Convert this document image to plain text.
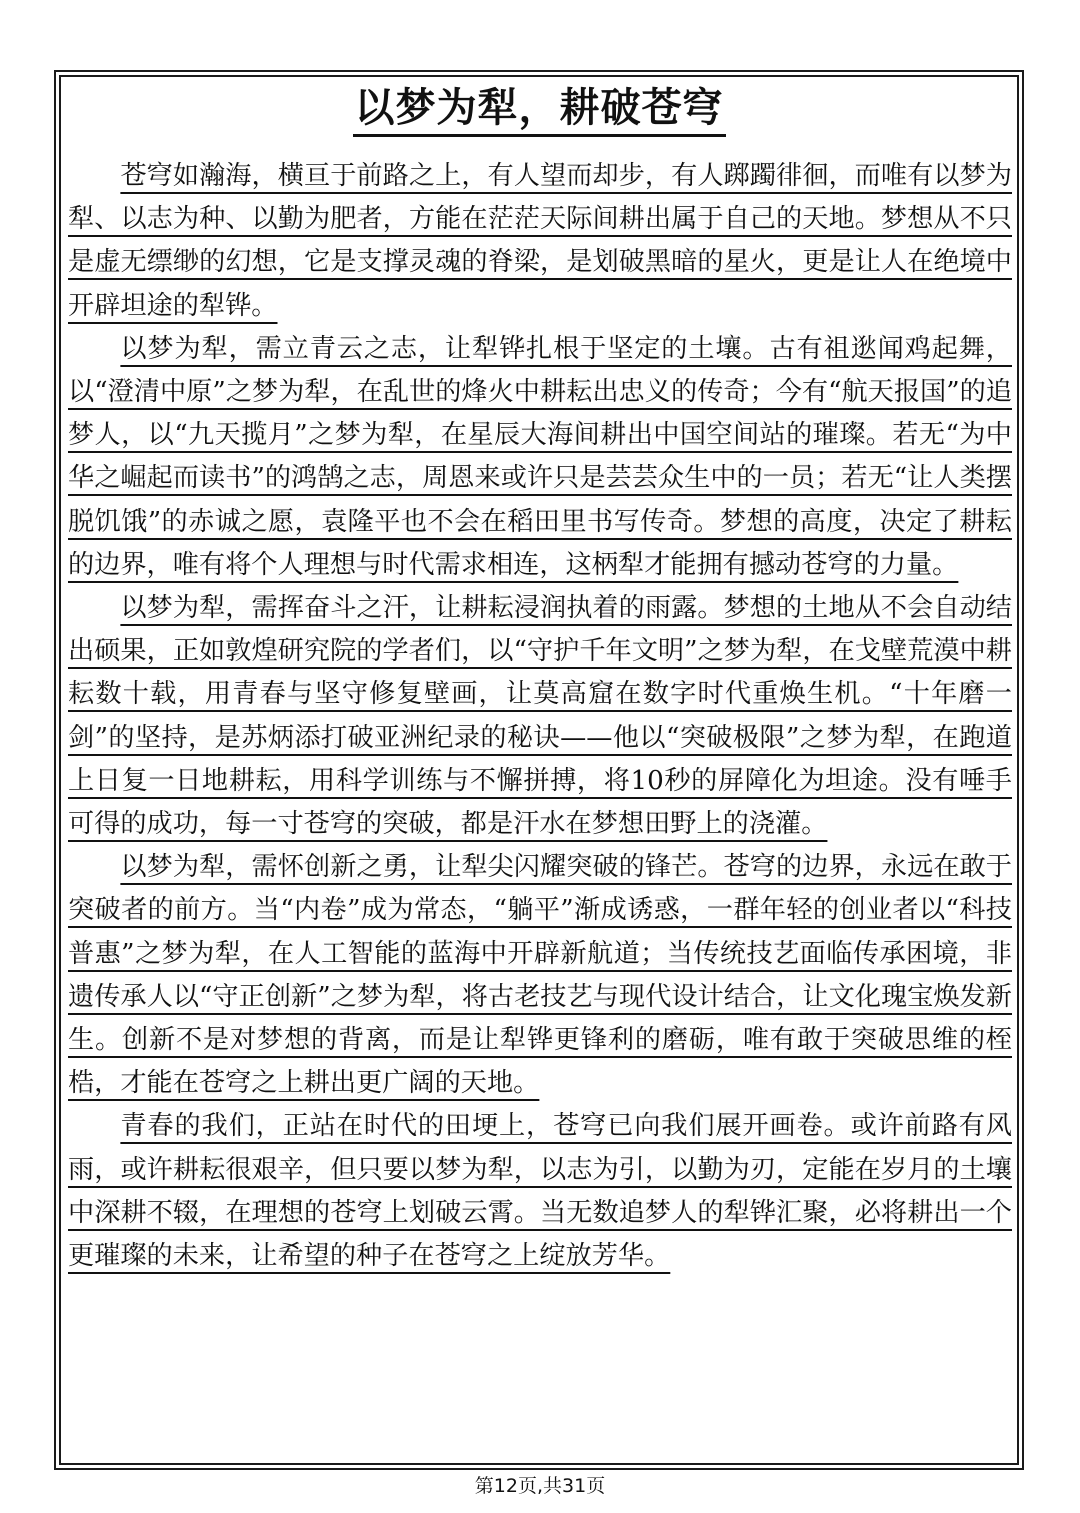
以梦为犁，耕破苍穹

苍穹如瀚海，横亘于前路之上，有人望而却步，有人踯躅徘徊，而唯有以梦为犁、以志为种、以勤为肥者，方能在茫茫天际间耕出属于自己的天地。梦想从不只是虚无缥缈的幻想，它是支撑灵魂的脊梁，是划破黑暗的星火，更是让人在绝境中开辟坦途的犁铧。

以梦为犁，需立青云之志，让犁铧扎根于坚定的土壤。古有祖逖闻鸡起舞，以“澄清中原”之梦为犁，在乱世的烽火中耕耘出忠义的传奇；今有“航天报国”的追梦人，以“九天揽月”之梦为犁，在星辰大海间耕出中国空间站的璀璨。若无“为中华之崛起而读书”的鸿鹄之志，周恩来或许只是芸芸众生中的一员；若无“让人类摆脱饥饿”的赤诚之愿，袁隆平也不会在稻田里书写传奇。梦想的高度，决定了耕耘的边界，唯有将个人理想与时代需求相连，这柄犁才能拥有撼动苍穹的力量。

以梦为犁，需挥奋斗之汗，让耕耘浸润执着的雨露。梦想的土地从不会自动结出硕果，正如敦煌研究院的学者们，以“守护千年文明”之梦为犁，在戈壁荒漠中耕耘数十载，用青春与坚守修复壁画，让莫高窟在数字时代重焕生机。“十年磨一剑”的坚持，是苏炳添打破亚洲纪录的秘诀——他以“突破极限”之梦为犁，在跑道上日复一日地耕耘，用科学训练与不懈拼搏，将10秒的屏障化为坦途。没有唾手可得的成功，每一寸苍穹的突破，都是汗水在梦想田野上的浇灌。

以梦为犁，需怀创新之勇，让犁尖闪耀突破的锋芒。苍穹的边界，永远在敢于突破者的前方。当“内卷”成为常态，“躺平”渐成诱惑，一群年轻的创业者以“科技普惠”之梦为犁，在人工智能的蓝海中开辟新航道；当传统技艺面临传承困境，非遗传承人以“守正创新”之梦为犁，将古老技艺与现代设计结合，让文化瑰宝焕发新生。创新不是对梦想的背离，而是让犁铧更锋利的磨砺，唯有敢于突破思维的桎梏，才能在苍穹之上耕出更广阔的天地。

青春的我们，正站在时代的田埂上，苍穹已向我们展开画卷。或许前路有风雨，或许耕耘很艰辛，但只要以梦为犁，以志为引，以勤为刃，定能在岁月的土壤中深耕不辍，在理想的苍穹上划破云霄。当无数追梦人的犁铧汇聚，必将耕出一个更璀璨的未来，让希望的种子在苍穹之上绽放芳华。

第12页,共31页
